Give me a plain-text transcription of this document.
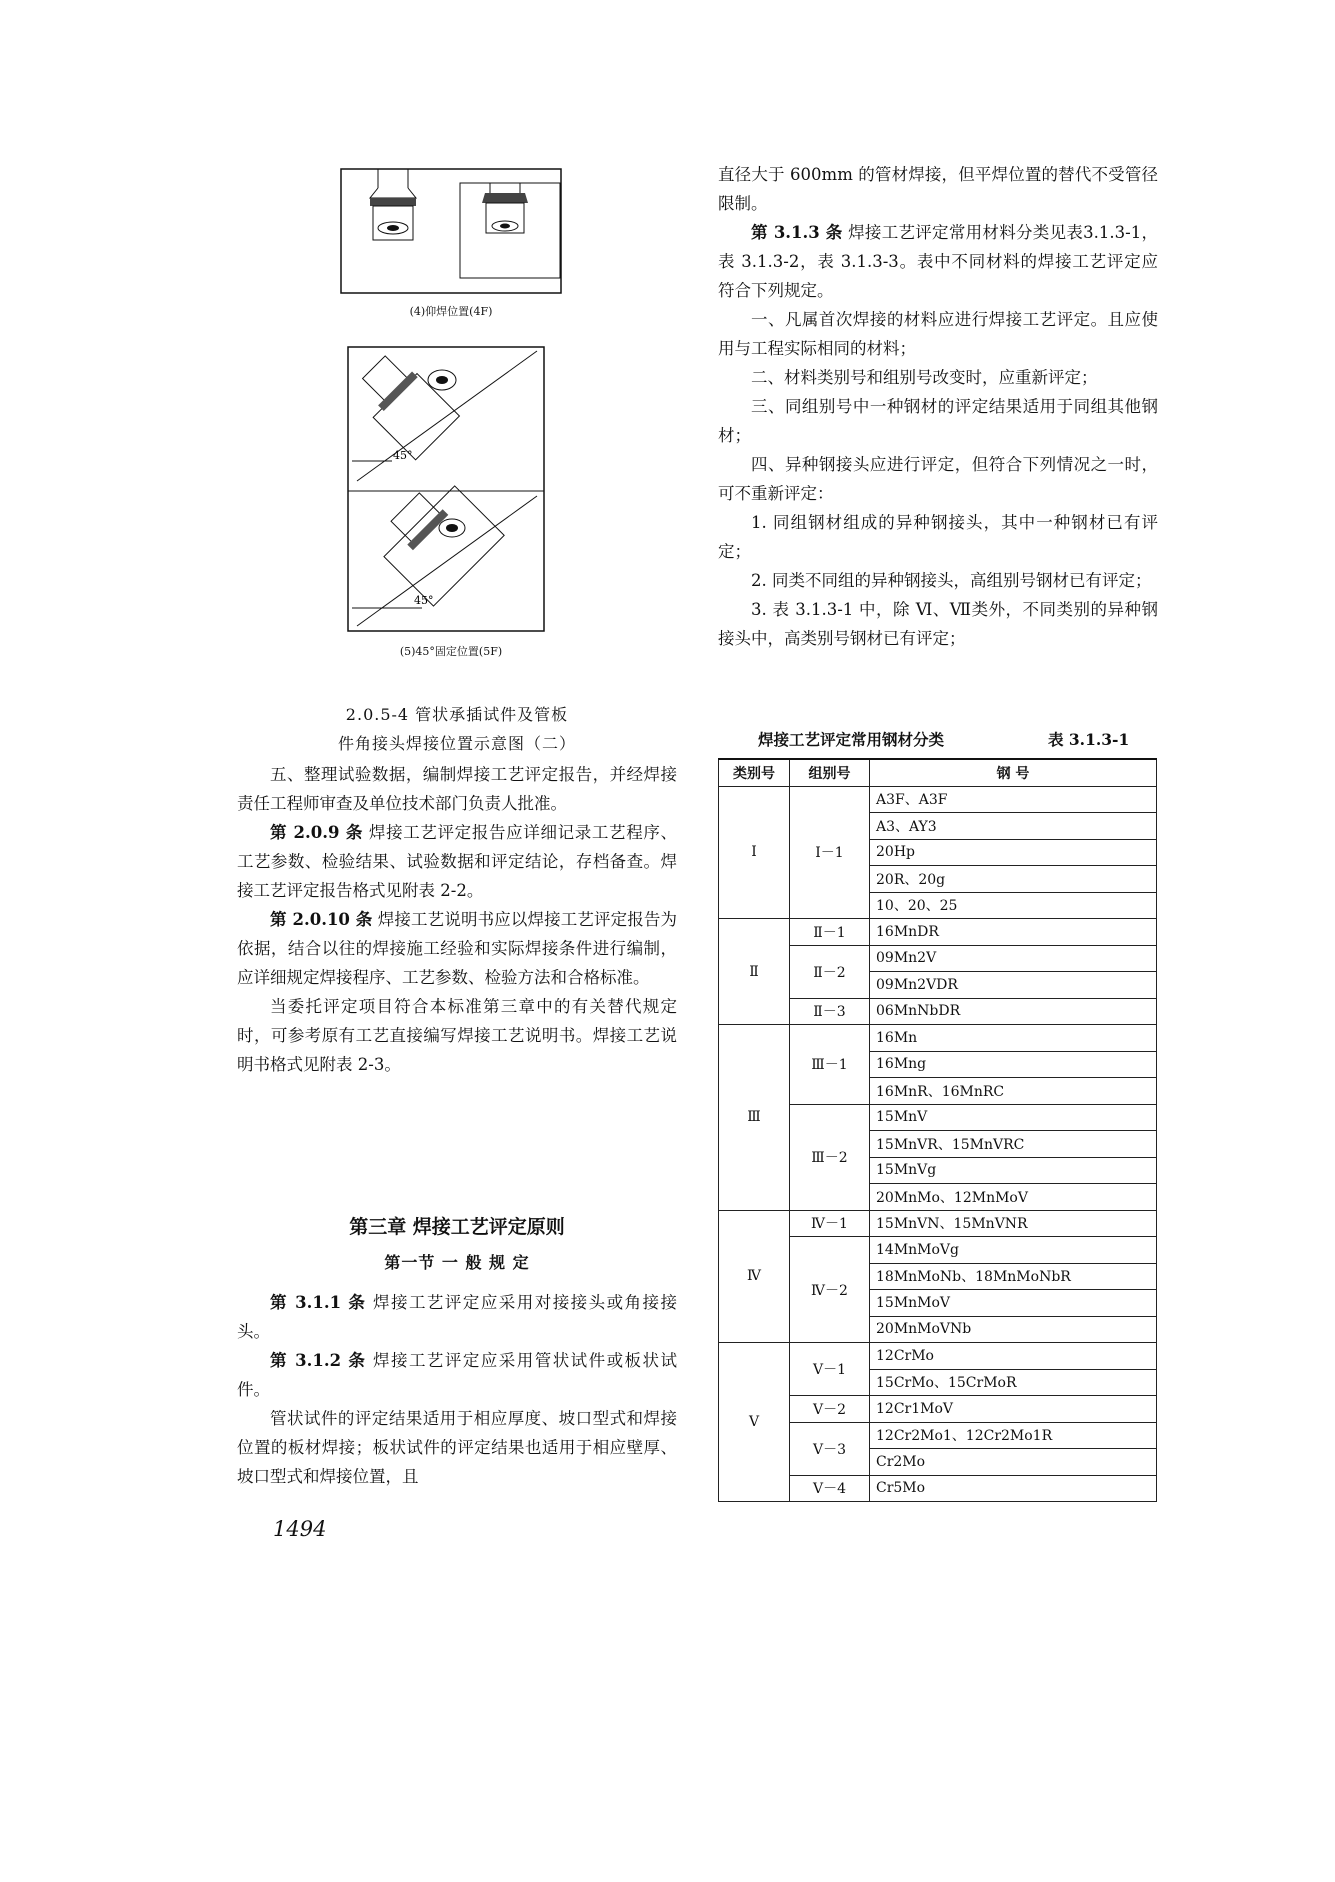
(4)仰焊位置(4F)
45°
45°
(5)45°固定位置(5F)
2.0.5-4 管状承插试件及管板
件角接头焊接位置示意图（二）

五、整理试验数据，编制焊接工艺评定报告，并经焊接责任工程师审查及单位技术部门负责人批准。

第 2.0.9 条 焊接工艺评定报告应详细记录工艺程序、工艺参数、检验结果、试验数据和评定结论，存档备查。焊接工艺评定报告格式见附表 2-2。

第 2.0.10 条 焊接工艺说明书应以焊接工艺评定报告为依据，结合以往的焊接施工经验和实际焊接条件进行编制，应详细规定焊接程序、工艺参数、检验方法和合格标准。

当委托评定项目符合本标准第三章中的有关替代规定时，可参考原有工艺直接编写焊接工艺说明书。焊接工艺说明书格式见附表 2-3。

第三章 焊接工艺评定原则
第一节 一 般 规 定

第 3.1.1 条 焊接工艺评定应采用对接接头或角接接头。

第 3.1.2 条 焊接工艺评定应采用管状试件或板状试件。

管状试件的评定结果适用于相应厚度、坡口型式和焊接位置的板材焊接；板状试件的评定结果也适用于相应壁厚、坡口型式和焊接位置，且

1494

直径大于 600mm 的管材焊接，但平焊位置的替代不受管径限制。

第 3.1.3 条 焊接工艺评定常用材料分类见表3.1.3-1，表 3.1.3-2，表 3.1.3-3。表中不同材料的焊接工艺评定应符合下列规定。

一、凡属首次焊接的材料应进行焊接工艺评定。且应使用与工程实际相同的材料；

二、材料类别号和组别号改变时，应重新评定；

三、同组别号中一种钢材的评定结果适用于同组其他钢材；

四、异种钢接头应进行评定，但符合下列情况之一时，可不重新评定：

1. 同组钢材组成的异种钢接头，其中一种钢材已有评定；

2. 同类不同组的异种钢接头，高组别号钢材已有评定；

3. 表 3.1.3-1 中，除 Ⅵ、Ⅶ类外，不同类别的异种钢接头中，高类别号钢材已有评定；

焊接工艺评定常用钢材分类	表 3.1.3-1
类别号	组别号	钢 号
Ⅰ	Ⅰ－1	A3F、A3F
		A3、AY3
		20Hp
		20R、20g
		10、20、25
Ⅱ	Ⅱ－1	16MnDR
	Ⅱ－2	09Mn2V
		09Mn2VDR
	Ⅱ－3	06MnNbDR
Ⅲ	Ⅲ－1	16Mn
		16Mng
		16MnR、16MnRC
	Ⅲ－2	15MnV
		15MnVR、15MnVRC
		15MnVg
		20MnMo、12MnMoV
Ⅳ	Ⅳ－1	15MnVN、15MnVNR
	Ⅳ－2	14MnMoVg
		18MnMoNb、18MnMoNbR
		15MnMoV
		20MnMoVNb
Ⅴ	Ⅴ－1	12CrMo
		15CrMo、15CrMoR
	Ⅴ－2	12Cr1MoV
	Ⅴ－3	12Cr2Mo1、12Cr2Mo1R
		Cr2Mo
	Ⅴ－4	Cr5Mo
